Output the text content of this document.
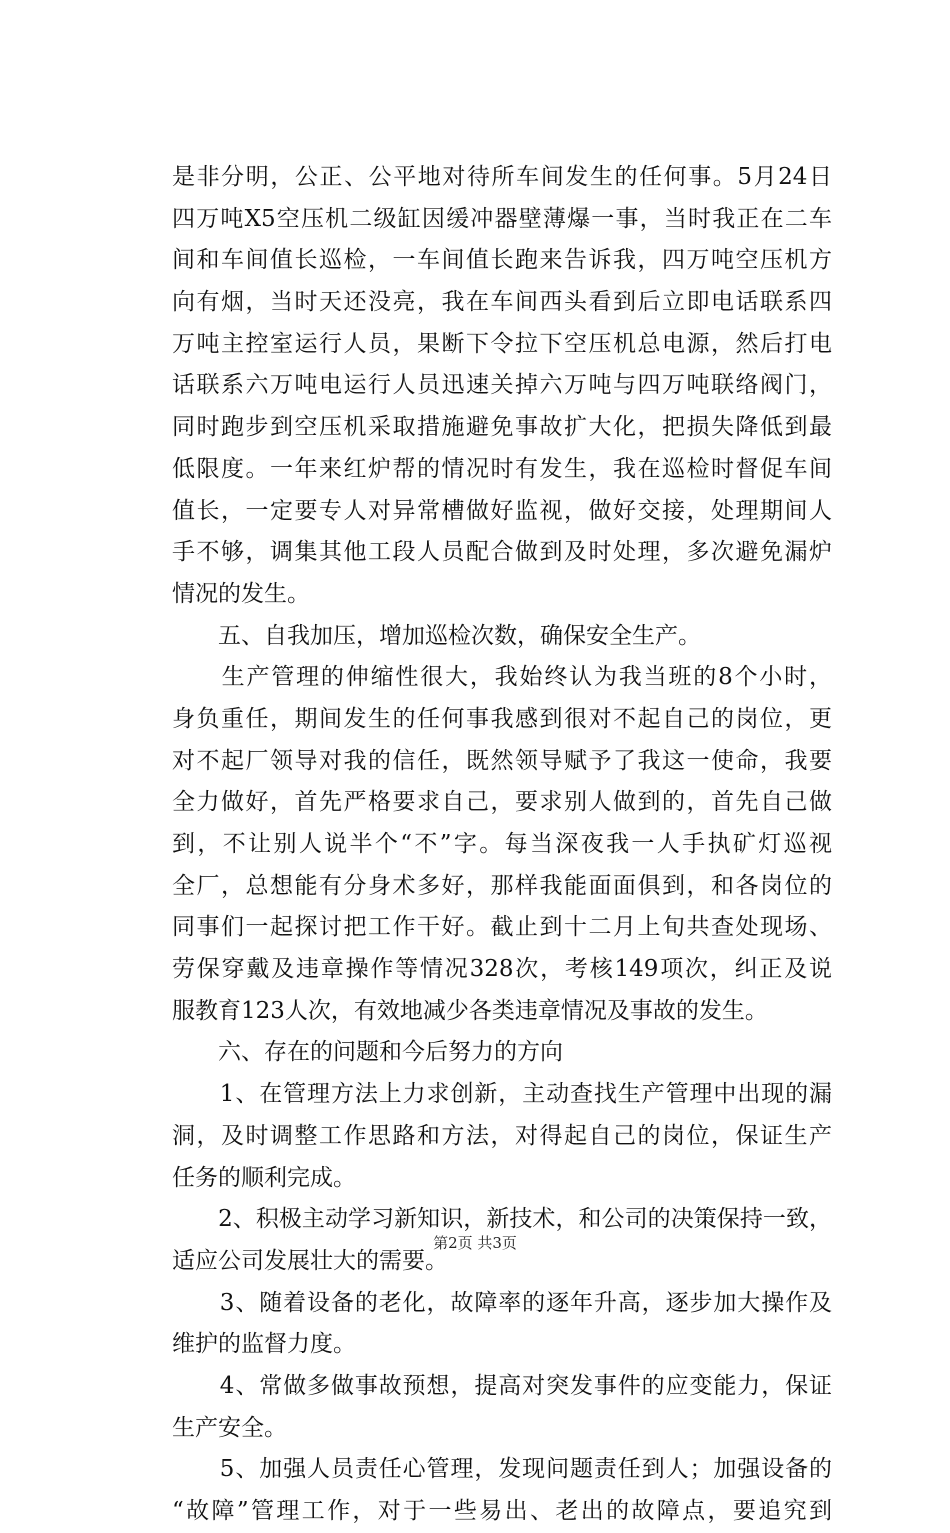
是非分明，公正、公平地对待所车间发生的任何事。5月24日
四万吨X5空压机二级缸因缓冲器壁薄爆一事，当时我正在二车
间和车间值长巡检，一车间值长跑来告诉我，四万吨空压机方
向有烟，当时天还没亮，我在车间西头看到后立即电话联系四
万吨主控室运行人员，果断下令拉下空压机总电源，然后打电
话联系六万吨电运行人员迅速关掉六万吨与四万吨联络阀门，
同时跑步到空压机采取措施避免事故扩大化，把损失降低到最
低限度。一年来红炉帮的情况时有发生，我在巡检时督促车间
值长，一定要专人对异常槽做好监视，做好交接，处理期间人
手不够，调集其他工段人员配合做到及时处理，多次避免漏炉
情况的发生。
　　五、自我加压，增加巡检次数，确保安全生产。
　　生产管理的伸缩性很大，我始终认为我当班的8个小时，
身负重任，期间发生的任何事我感到很对不起自己的岗位，更
对不起厂领导对我的信任，既然领导赋予了我这一使命，我要
全力做好，首先严格要求自己，要求别人做到的，首先自己做
到，不让别人说半个“不”字。每当深夜我一人手执矿灯巡视
全厂，总想能有分身术多好，那样我能面面俱到，和各岗位的
同事们一起探讨把工作干好。截止到十二月上旬共查处现场、
劳保穿戴及违章操作等情况328次，考核149项次，纠正及说
服教育123人次，有效地减少各类违章情况及事故的发生。
　　六、存在的问题和今后努力的方向
　　1、在管理方法上力求创新，主动查找生产管理中出现的漏
洞，及时调整工作思路和方法，对得起自己的岗位，保证生产
任务的顺利完成。
　　2、积极主动学习新知识，新技术，和公司的决策保持一致，
适应公司发展壮大的需要。
　　3、随着设备的老化，故障率的逐年升高，逐步加大操作及
维护的监督力度。
　　4、常做多做事故预想，提高对突发事件的应变能力，保证
生产安全。
　　5、加强人员责任心管理，发现问题责任到人；加强设备的
“故障”管理工作，对于一些易出、老出的故障点，要追究到
第2页 共3页
